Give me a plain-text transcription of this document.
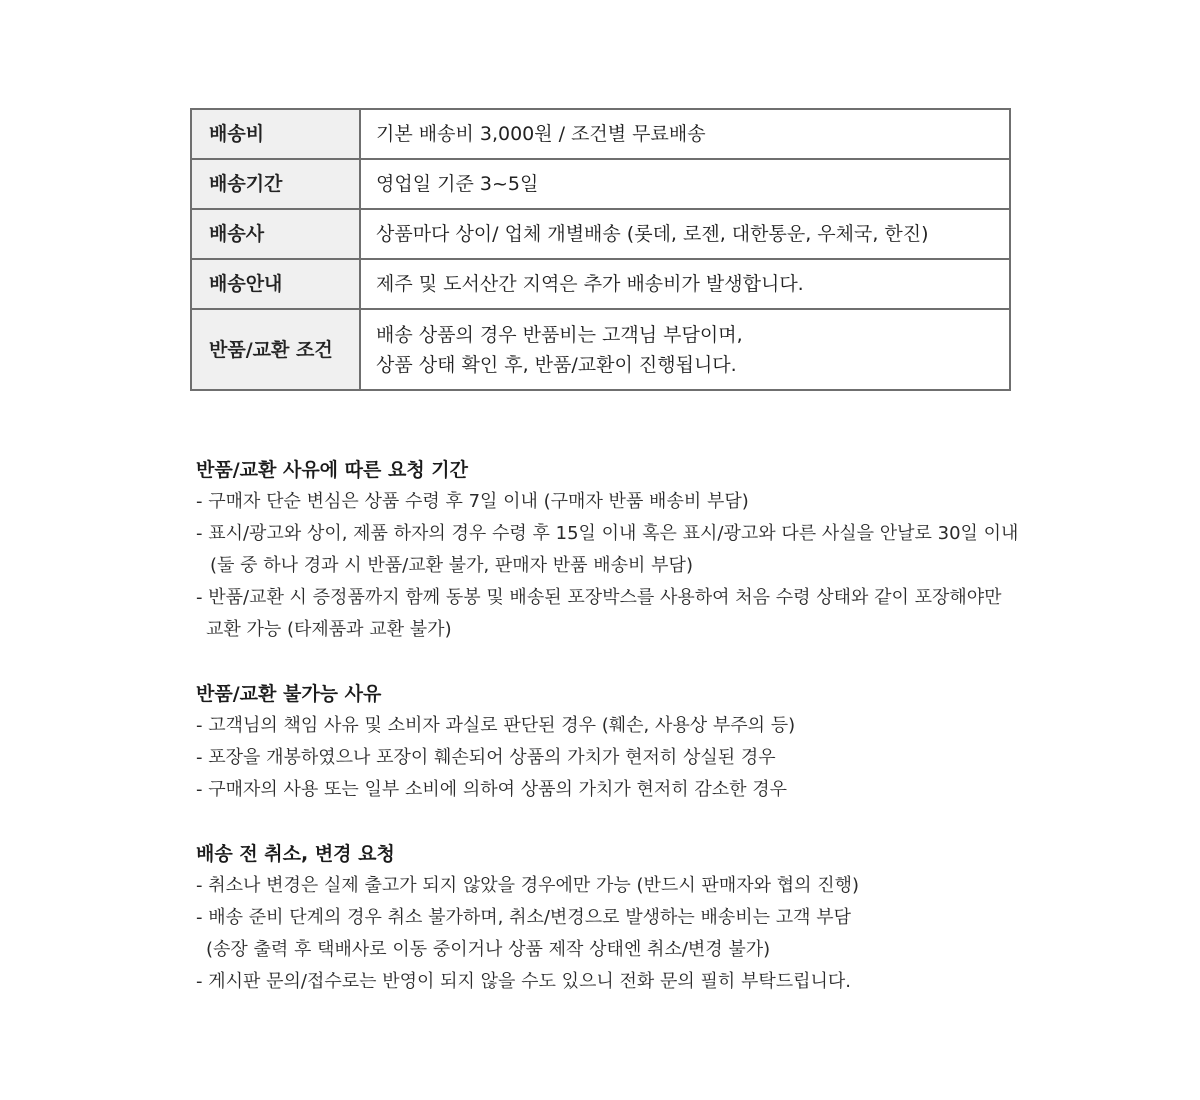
배송비	기본 배송비 3,000원 / 조건별 무료배송

배송기간	영업일 기준 3~5일

배송사	상품마다 상이/ 업체 개별배송 (롯데, 로젠, 대한통운, 우체국, 한진)

배송안내	제주 및 도서산간 지역은 추가 배송비가 발생합니다.

반품/교환 조건	배송 상품의 경우 반품비는 고객님 부담이며,
상품 상태 확인 후, 반품/교환이 진행됩니다.

반품/교환 사유에 따른 요청 기간

- 구매자 단순 변심은 상품 수령 후 7일 이내 (구매자 반품 배송비 부담)
- 표시/광고와 상이, 제품 하자의 경우 수령 후 15일 이내 혹은 표시/광고와 다른 사실을 안날로 30일 이내
(둘 중 하나 경과 시 반품/교환 불가, 판매자 반품 배송비 부담)
- 반품/교환 시 증정품까지 함께 동봉 및 배송된 포장박스를 사용하여 처음 수령 상태와 같이 포장해야만
교환 가능 (타제품과 교환 불가)

반품/교환 불가능 사유

- 고객님의 책임 사유 및 소비자 과실로 판단된 경우 (훼손, 사용상 부주의 등)
- 포장을 개봉하였으나 포장이 훼손되어 상품의 가치가 현저히 상실된 경우
- 구매자의 사용 또는 일부 소비에 의하여 상품의 가치가 현저히 감소한 경우

배송 전 취소, 변경 요청

- 취소나 변경은 실제 출고가 되지 않았을 경우에만 가능 (반드시 판매자와 협의 진행)
- 배송 준비 단계의 경우 취소 불가하며, 취소/변경으로 발생하는 배송비는 고객 부담
(송장 출력 후 택배사로 이동 중이거나 상품 제작 상태엔 취소/변경 불가)
- 게시판 문의/접수로는 반영이 되지 않을 수도 있으니 전화 문의 필히 부탁드립니다.
